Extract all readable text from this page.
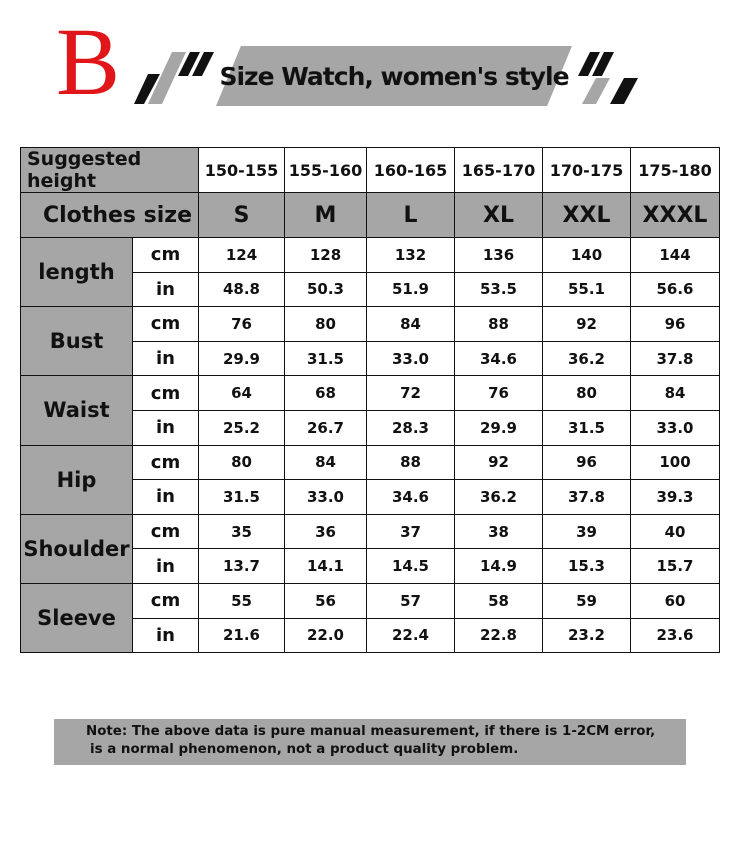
B	Size Watch, women's style
Suggested height		150-155	155-160	160-165	165-170	170-175	175-180
Clothes size		S	M	L	XL	XXL	XXXL
length	cm	124	128	132	136	140	144
	in	48.8	50.3	51.9	53.5	55.1	56.6
Bust	cm	76	80	84	88	92	96
	in	29.9	31.5	33.0	34.6	36.2	37.8
Waist	cm	64	68	72	76	80	84
	in	25.2	26.7	28.3	29.9	31.5	33.0
Hip	cm	80	84	88	92	96	100
	in	31.5	33.0	34.6	36.2	37.8	39.3
Shoulder	cm	35	36	37	38	39	40
	in	13.7	14.1	14.5	14.9	15.3	15.7
Sleeve	cm	55	56	57	58	59	60
	in	21.6	22.0	22.4	22.8	23.2	23.6
Note: The above data is pure manual measurement, if there is 1-2CM error,
is a normal phenomenon, not a product quality problem.
